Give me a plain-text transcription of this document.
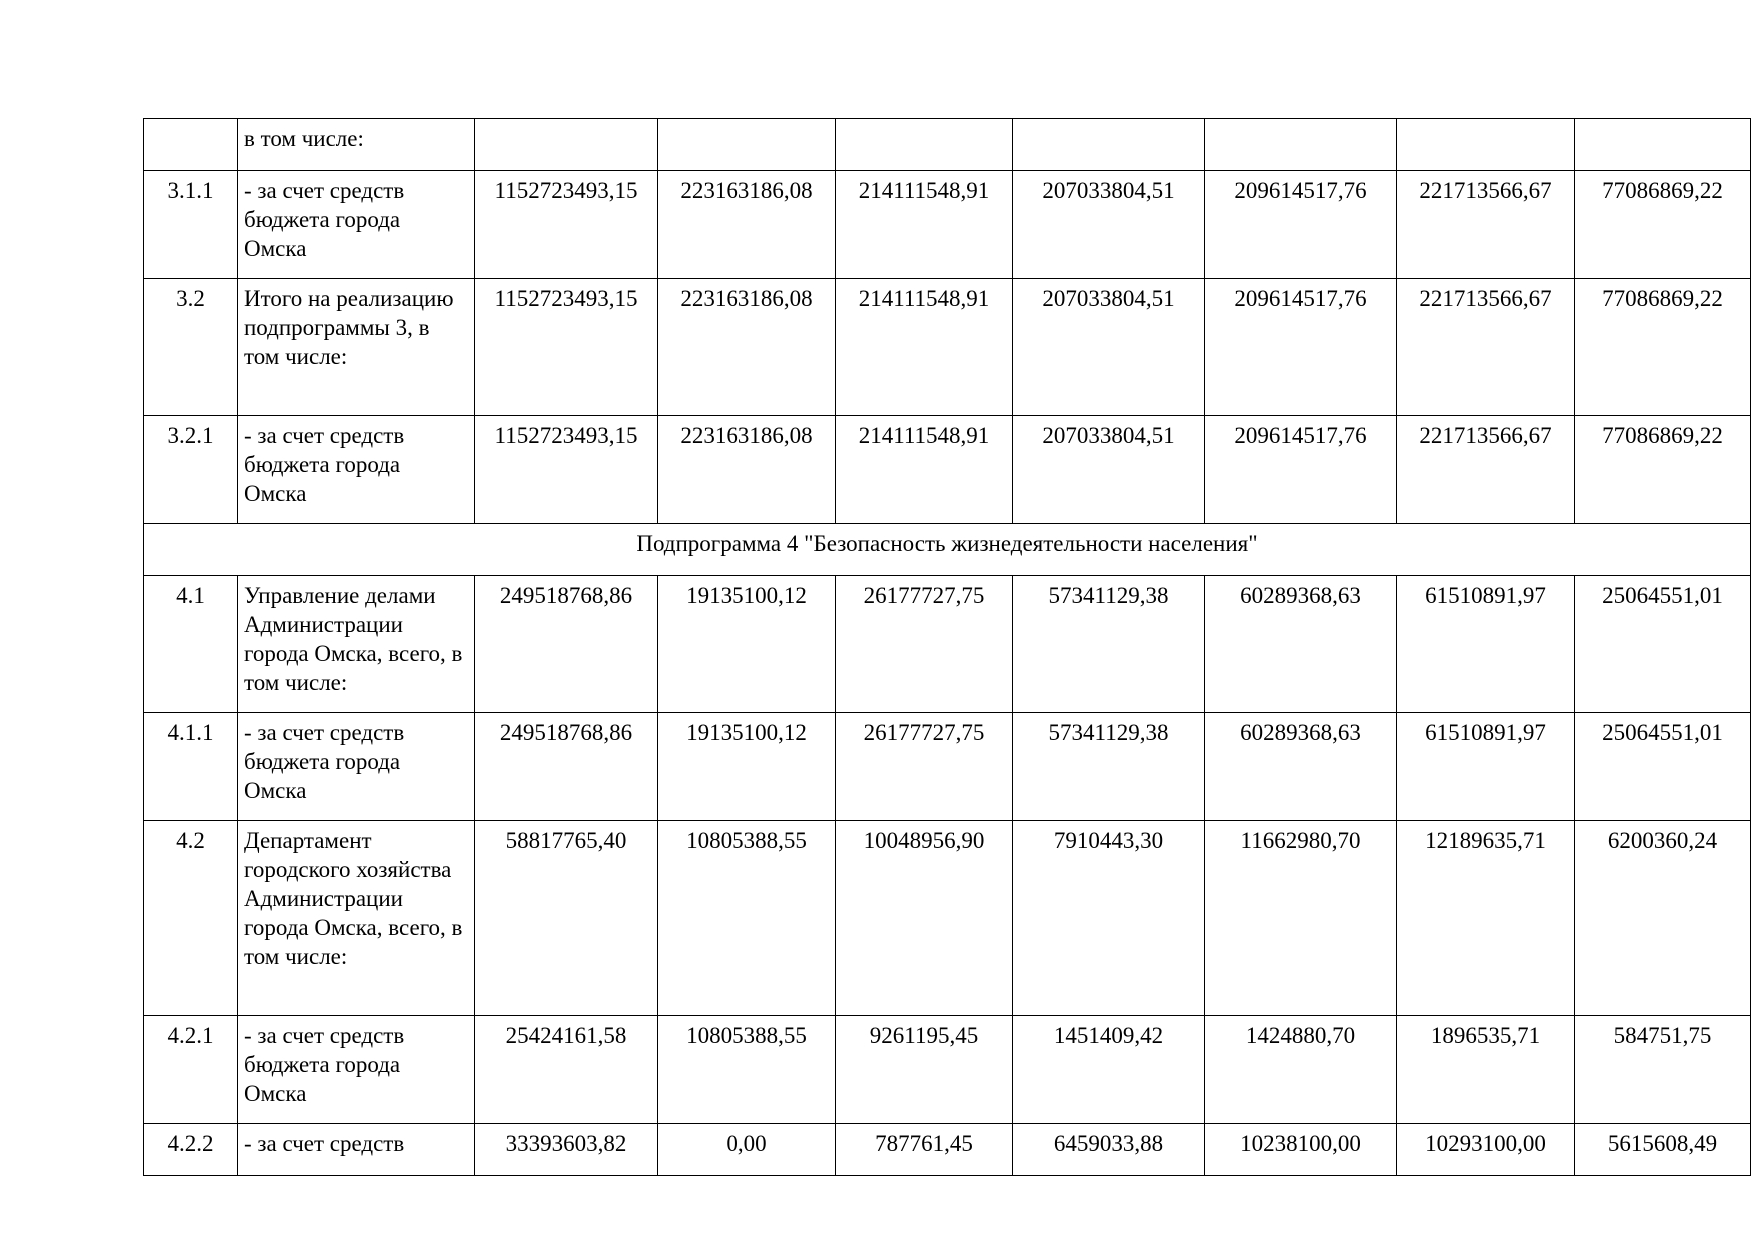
	в том числе:							
3.1.1	- за счет средств бюджета города Омска	1152723493,15	223163186,08	214111548,91	207033804,51	209614517,76	221713566,67	77086869,22
3.2	Итого на реализацию подпрограммы 3, в том числе:	1152723493,15	223163186,08	214111548,91	207033804,51	209614517,76	221713566,67	77086869,22
3.2.1	- за счет средств бюджета города Омска	1152723493,15	223163186,08	214111548,91	207033804,51	209614517,76	221713566,67	77086869,22
Подпрограмма 4 "Безопасность жизнедеятельности населения"								
4.1	Управление делами Администрации города Омска, всего, в том числе:	249518768,86	19135100,12	26177727,75	57341129,38	60289368,63	61510891,97	25064551,01
4.1.1	- за счет средств бюджета города Омска	249518768,86	19135100,12	26177727,75	57341129,38	60289368,63	61510891,97	25064551,01
4.2	Департамент городского хозяйства Администрации города Омска, всего, в том числе:	58817765,40	10805388,55	10048956,90	7910443,30	11662980,70	12189635,71	6200360,24
4.2.1	- за счет средств бюджета города Омска	25424161,58	10805388,55	9261195,45	1451409,42	1424880,70	1896535,71	584751,75
4.2.2	- за счет средств	33393603,82	0,00	787761,45	6459033,88	10238100,00	10293100,00	5615608,49
